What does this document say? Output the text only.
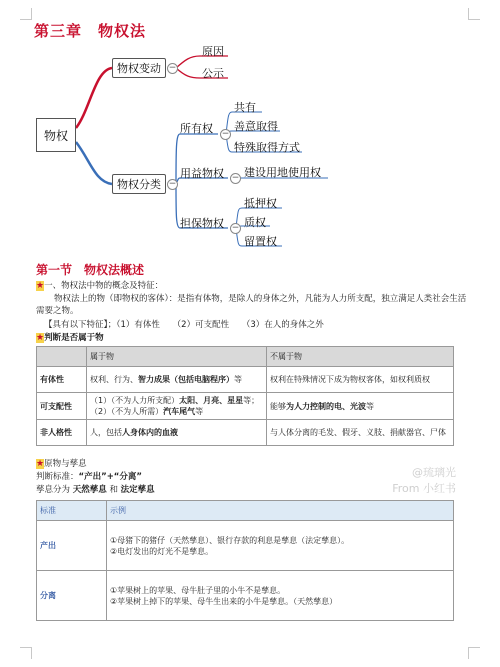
第三章　物权法
物权
物权变动 −
原因
公示
物权分类 −
所有权 −
共有
善意取得
特殊取得方式
用益物权 − 建设用地使用权
担保物权 −
抵押权
质权
留置权
第一节　物权法概述
★一、物权法中物的概念及特征：
物权法上的物（即物权的客体）：是指有体物，是除人的身体之外，凡能为人力所支配，独立满足人类社会生活需要之物。
【具有以下特征】；（1）有体性　　（2）可支配性　　（3）在人的身体之外
★判断是否属于物
	属于物	不属于物
有体性	权利、行为、智力成果（包括电脑程序）等	权利在特殊情况下成为物权客体，如权利质权
可支配性	（1）（不为人力所支配）太阳、月亮、星星等；
（2）（不为人所需）汽车尾气等	能够为人力控制的电、光波等
非人格性	人，包括人身体内的血液	与人体分离的毛发、假牙、义肢、捐献器官、尸体
★原物与孳息
判断标准：“产出”+“分离”
孳息分为 天然孳息 和 法定孳息
@琉璃光
From 小红书
标准	示例
产出	①母猪下的猪仔（天然孳息）、银行存款的利息是孳息（法定孳息）。
②电灯发出的灯光不是孳息。

分离	①苹果树上的苹果、母牛肚子里的小牛不是孳息。
②苹果树上掉下的苹果、母牛生出来的小牛是孳息。（天然孳息）
